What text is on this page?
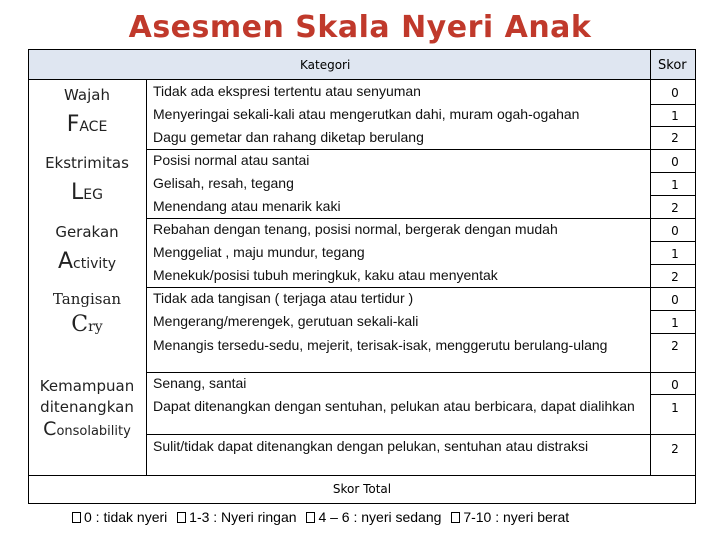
Asesmen Skala Nyeri Anak
Kategori	Skor
Wajah
FACE
Ekstrimitas
LEG
Gerakan
Activity
Tangisan
Cry
Kemampuan
ditenangkan
Consolability
Tidak ada ekspresi tertentu atau senyuman
Menyeringai sekali-kali atau mengerutkan dahi, muram ogah-ogahan
Dagu gemetar dan rahang diketap berulang
Posisi normal atau santai
Gelisah, resah, tegang
Menendang atau menarik kaki
Rebahan dengan tenang, posisi normal, bergerak dengan mudah
Menggeliat , maju mundur, tegang
Menekuk/posisi tubuh meringkuk, kaku atau menyentak
Tidak ada tangisan ( terjaga atau tertidur )
Mengerang/merengek, gerutuan sekali-kali
Menangis tersedu-sedu, mejerit, terisak-isak, menggerutu berulang-ulang
Senang, santai
Dapat ditenangkan dengan sentuhan, pelukan atau berbicara, dapat dialihkan
Sulit/tidak dapat ditenangkan dengan pelukan, sentuhan atau distraksi
0
1
2
0
1
2
0
1
2
0
1
2
0
1
2
Skor Total
0 : tidak nyeri 1-3 : Nyeri ringan 4 – 6 : nyeri sedang 7-10 : nyeri berat
